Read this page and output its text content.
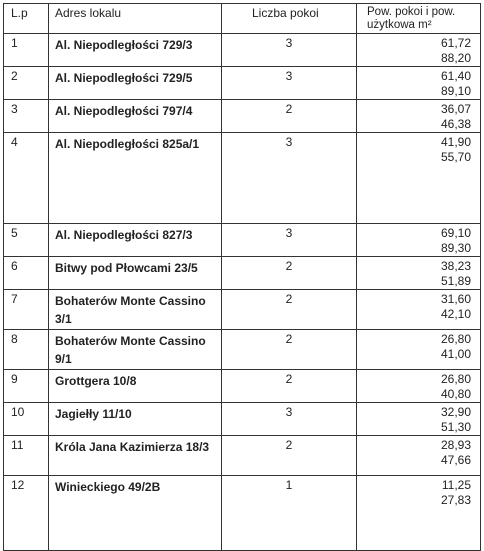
L.p	Adres lokalu	Liczba pokoi	Pow. pokoi i pow. użytkowa m²
1	Al. Niepodległości 729/3	3	61,72
88,20

2	Al. Niepodległości 729/5	3	61,40
89,10

3	Al. Niepodległości 797/4	2	36,07
46,38

4	Al. Niepodległości 825a/1	3	41,90
55,70

5	Al. Niepodległości 827/3	3	69,10
89,30

6	Bitwy pod Płowcami 23/5	2	38,23
51,89

7	Bohaterów Monte Cassino 3/1	2	31,60
42,10

8	Bohaterów Monte Cassino 9/1	2	26,80
41,00

9	Grottgera 10/8	2	26,80
40,80

10	Jagiełły 11/10	3	32,90
51,30

11	Króla Jana Kazimierza 18/3	2	28,93
47,66

12	Winieckiego 49/2B	1	11,25
27,83
